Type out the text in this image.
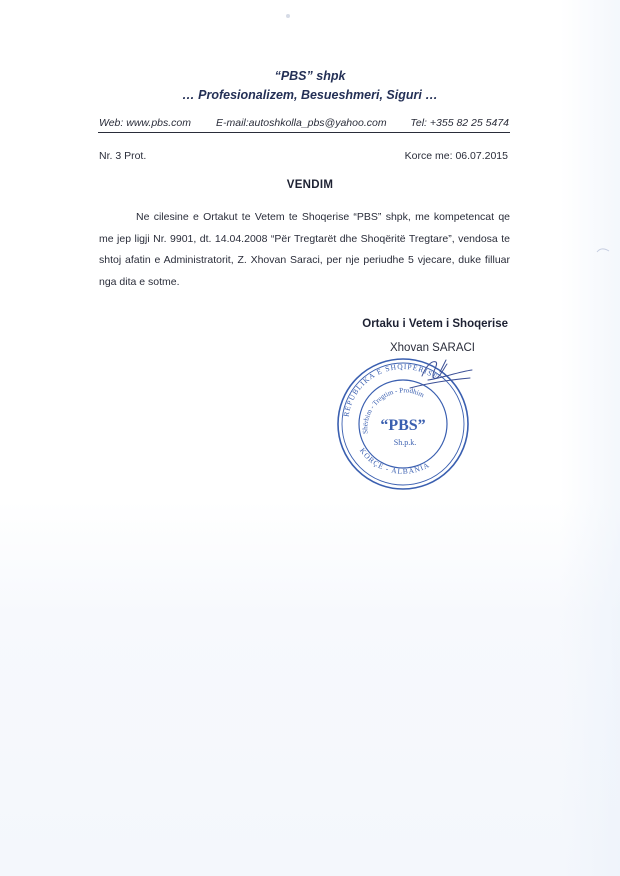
“PBS” shpk
… Profesionalizem, Besueshmeri, Siguri …
Web: www.pbs.com E-mail:autoshkolla_pbs@yahoo.com Tel: +355 82 25 5474
Nr. 3 Prot.	Korce me: 06.07.2015
VENDIM
Ne cilesine e Ortakut te Vetem te Shoqerise “PBS” shpk, me kompetencat qe me jep ligji Nr. 9901, dt. 14.04.2008 “Për Tregtarët dhe Shoqëritë Tregtare”, vendosa te shtoj afatin e Administratorit, Z. Xhovan Saraci, per nje periudhe 5 vjecare, duke filluar nga dita e sotme.
Ortaku i Vetem i Shoqerise
Xhovan SARACI
REPUBLIKA E SHQIPËRISË
KORÇË - ALBANIA
Shërbim - Tregtim - Prodhim
“PBS”
Sh.p.k.
